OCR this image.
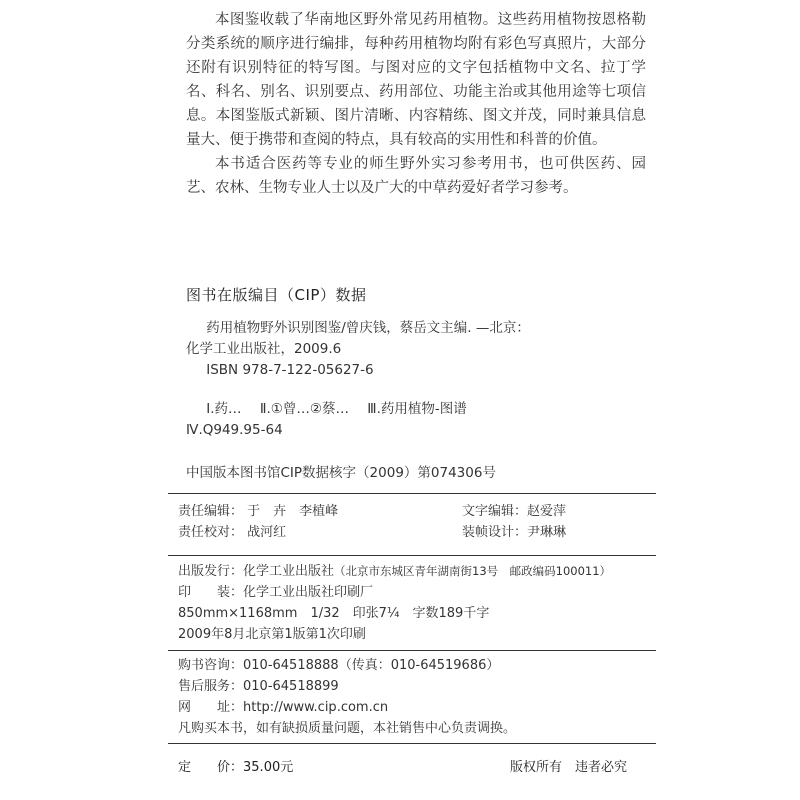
本图鉴收载了华南地区野外常见药用植物。这些药用植物按恩格勒分类系统的顺序进行编排，每种药用植物均附有彩色写真照片，大部分还附有识别特征的特写图。与图对应的文字包括植物中文名、拉丁学名、科名、别名、识别要点、药用部位、功能主治或其他用途等七项信息。本图鉴版式新颖、图片清晰、内容精练、图文并茂，同时兼具信息量大、便于携带和查阅的特点，具有较高的实用性和科普的价值。

本书适合医药等专业的师生野外实习参考用书，也可供医药、园艺、农林、生物专业人士以及广大的中草药爱好者学习参考。

图书在版编目（CIP）数据
药用植物野外识别图鉴/曾庆钱，蔡岳文主编. —北京：
化学工业出版社，2009.6
ISBN 978-7-122-05627-6
Ⅰ.药… Ⅱ.①曾…②蔡… Ⅲ.药用植物-图谱
Ⅳ.Q949.95-64
中国版本图书馆CIP数据核字（2009）第074306号
责任编辑： 于　卉　李植峰	文字编辑：赵爱萍
责任校对： 战河红	装帧设计：尹琳琳
出版发行：化学工业出版社（北京市东城区青年湖南街13号　邮政编码100011）
印　　装：化学工业出版社印刷厂
850mm×1168mm　1/32　印张7¼　字数189千字
2009年8月北京第1版第1次印刷
购书咨询：010-64518888（传真：010-64519686）
售后服务：010-64518899
网　　址：http://www.cip.com.cn
凡购买本书，如有缺损质量问题，本社销售中心负责调换。
定　　价：35.00元	版权所有　违者必究
